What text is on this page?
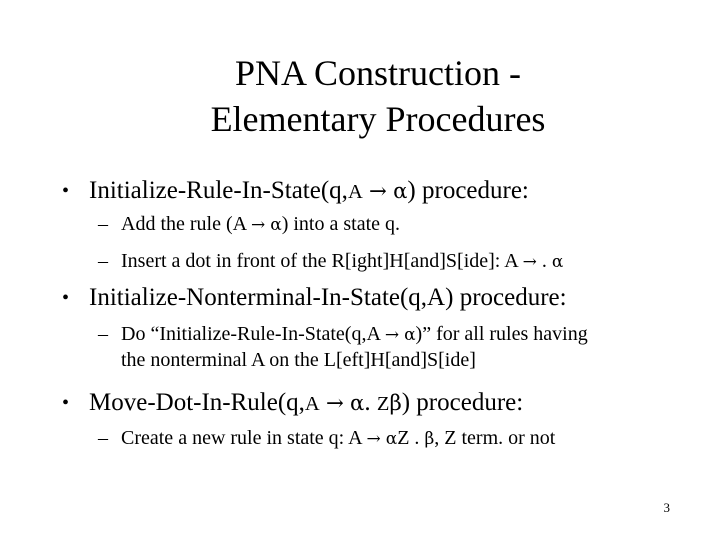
PNA Construction -
Elementary Procedures
• Initialize-Rule-In-State(q,A → α) procedure:
– Add the rule (A → α) into a state q.
– Insert a dot in front of the R[ight]H[and]S[ide]: A → . α
• Initialize-Nonterminal-In-State(q,A) procedure:
– Do “Initialize-Rule-In-State(q,A → α)” for all rules having
the nonterminal A on the L[eft]H[and]S[ide]
• Move-Dot-In-Rule(q,A → α. Zβ) procedure:
– Create a new rule in state q: A → αZ . β, Z term. or not
3
